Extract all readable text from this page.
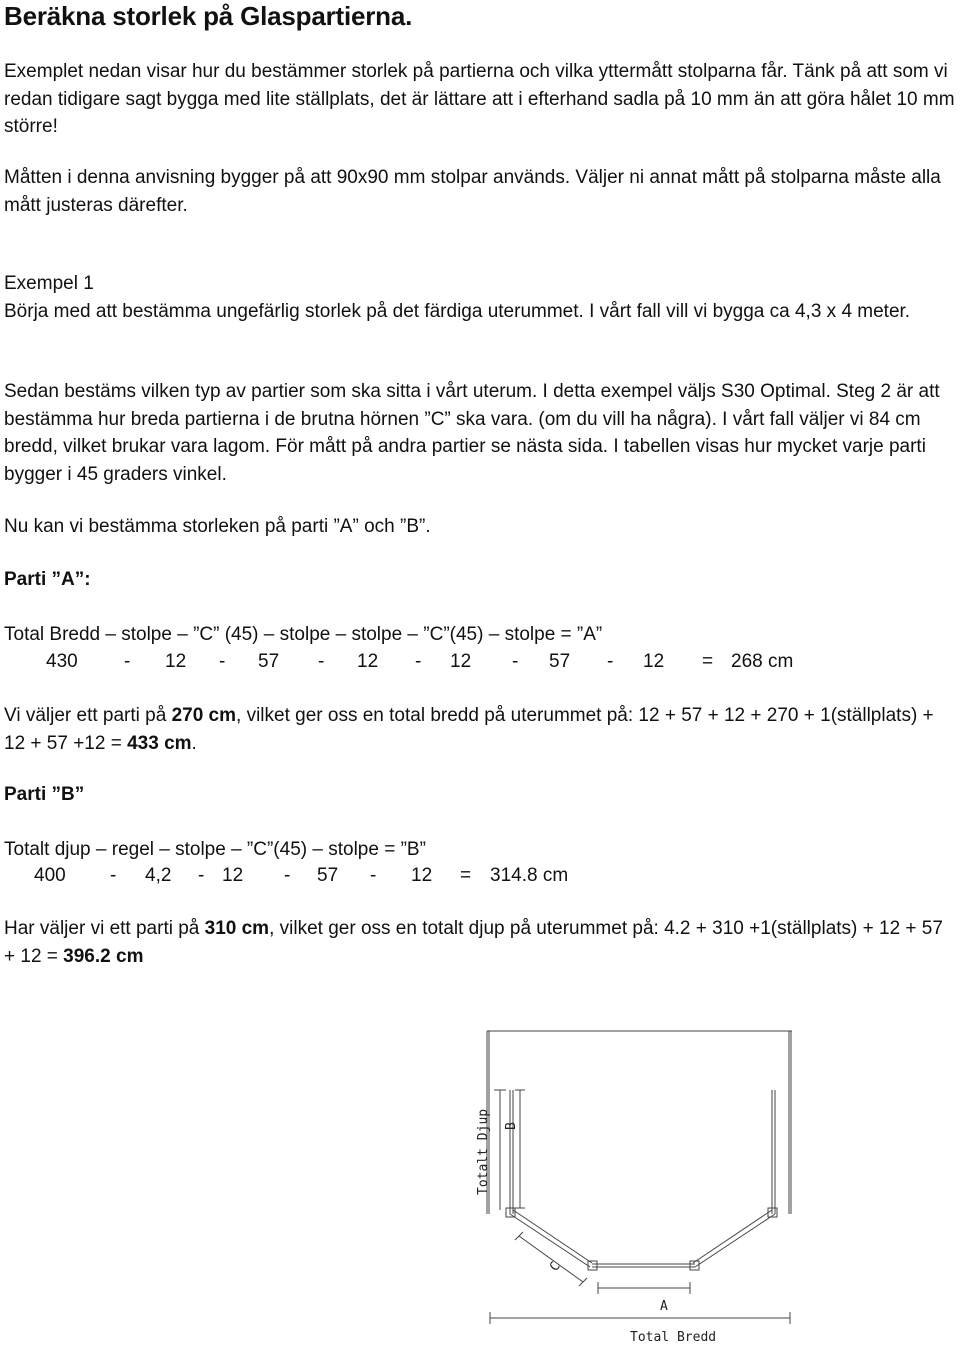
Beräkna storlek på Glaspartierna.

Exemplet nedan visar hur du bestämmer storlek på partierna och vilka yttermått stolparna får. Tänk på att som vi redan tidigare sagt bygga med lite ställplats, det är lättare att i efterhand sadla på 10 mm än att göra hålet 10 mm större!

Måtten i denna anvisning bygger på att 90x90 mm stolpar används. Väljer ni annat mått på stolparna måste alla mått justeras därefter.

Exempel 1

Börja med att bestämma ungefärlig storlek på det färdiga uterummet. I vårt fall vill vi bygga ca 4,3 x 4 meter.

Sedan bestäms vilken typ av partier som ska sitta i vårt uterum. I detta exempel väljs S30 Optimal. Steg 2 är att bestämma hur breda partierna i de brutna hörnen ”C” ska vara. (om du vill ha några). I vårt fall väljer vi 84 cm bredd, vilket brukar vara lagom. För mått på andra partier se nästa sida. I tabellen visas hur mycket varje parti bygger i 45 graders vinkel.

Nu kan vi bestämma storleken på parti ”A” och ”B”.

Parti ”A”:

Total Bredd – stolpe – ”C” (45) – stolpe – stolpe – ”C”(45) – stolpe = ”A”

430 - 12 - 57 - 12 - 12 - 57 - 12 = 268 cm

Vi väljer ett parti på 270 cm, vilket ger oss en total bredd på uterummet på: 12 + 57 + 12 + 270 + 1(ställplats) + 12 + 57 +12 = 433 cm.

Parti ”B”

Totalt djup – regel – stolpe – ”C”(45) – stolpe = ”B”

400 - 4,2 - 12 - 57 - 12 = 314.8 cm

Har väljer vi ett parti på 310 cm, vilket ger oss en totalt djup på uterummet på: 4.2 + 310 +1(ställplats) + 12 + 57 + 12 = 396.2 cm

Totalt Djup B
C
A
Total Bredd
